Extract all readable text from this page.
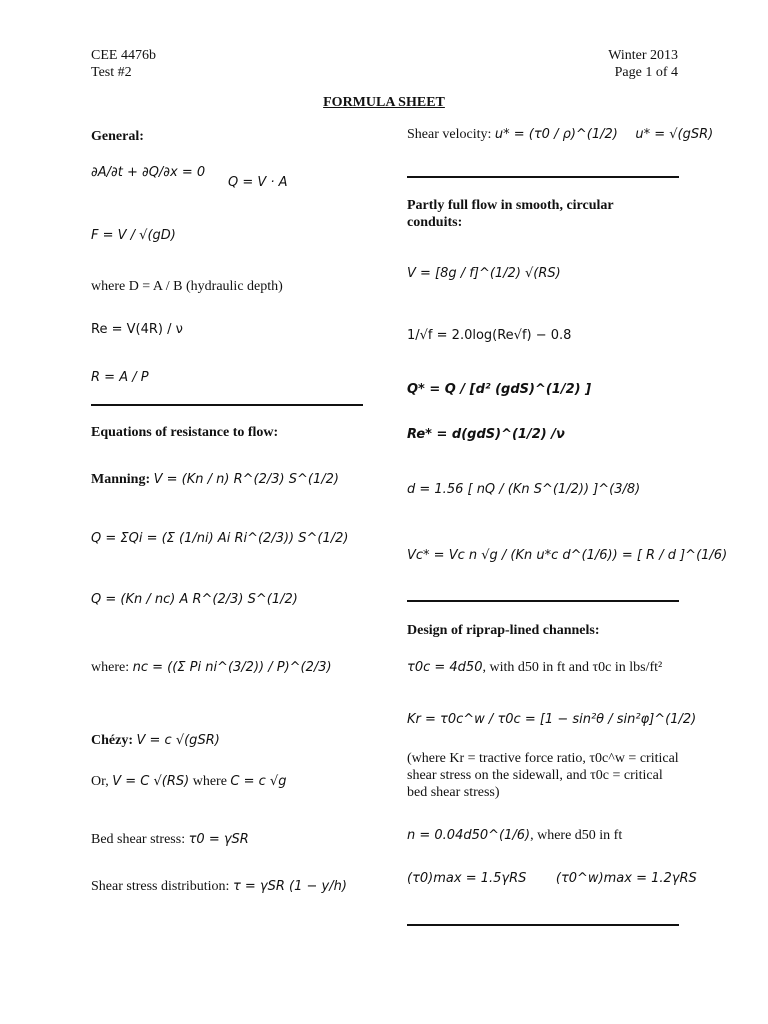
CEE 4476b
Test #2
Winter 2013
Page 1 of 4
FORMULA SHEET
General:
∂A/∂t + ∂Q/∂x = 0
Q = V · A
F = V / √(gD)
where D = A / B (hydraulic depth)
Re = V(4R) / ν
R = A / P
Equations of resistance to flow:
Manning: V = (Kn / n) R^(2/3) S^(1/2)
Q = ΣQi = (Σ (1/ni) Ai Ri^(2/3)) S^(1/2)
Q = (Kn / nc) A R^(2/3) S^(1/2)
where: nc = ((Σ Pi ni^(3/2)) / P)^(2/3)
Chézy: V = c √(gSR)
Or, V = C √(RS) where C = c √g
Bed shear stress: τ0 = γSR
Shear stress distribution: τ = γSR (1 − y/h)
Shear velocity: u* = (τ0 / ρ)^(1/2) u* = √(gSR)
Partly full flow in smooth, circular conduits:
V = [8g / f]^(1/2) √(RS)
1/√f = 2.0log(Re√f) − 0.8
Q* = Q / [d² (gdS)^(1/2) ]
Re* = d(gdS)^(1/2) /ν
d = 1.56 [ nQ / (Kn S^(1/2)) ]^(3/8)
Vc* = Vc n √g / (Kn u*c d^(1/6)) = [ R / d ]^(1/6)
Design of riprap-lined channels:
τ0c = 4d50, with d50 in ft and τ0c in lbs/ft²
Kr = τ0c^w / τ0c = [1 − sin²θ / sin²φ]^(1/2)
(where Kr = tractive force ratio, τ0c^w = critical shear stress on the sidewall, and τ0c = critical bed shear stress)
n = 0.04d50^(1/6), where d50 in ft
(τ0)max = 1.5γRS (τ0^w)max = 1.2γRS
